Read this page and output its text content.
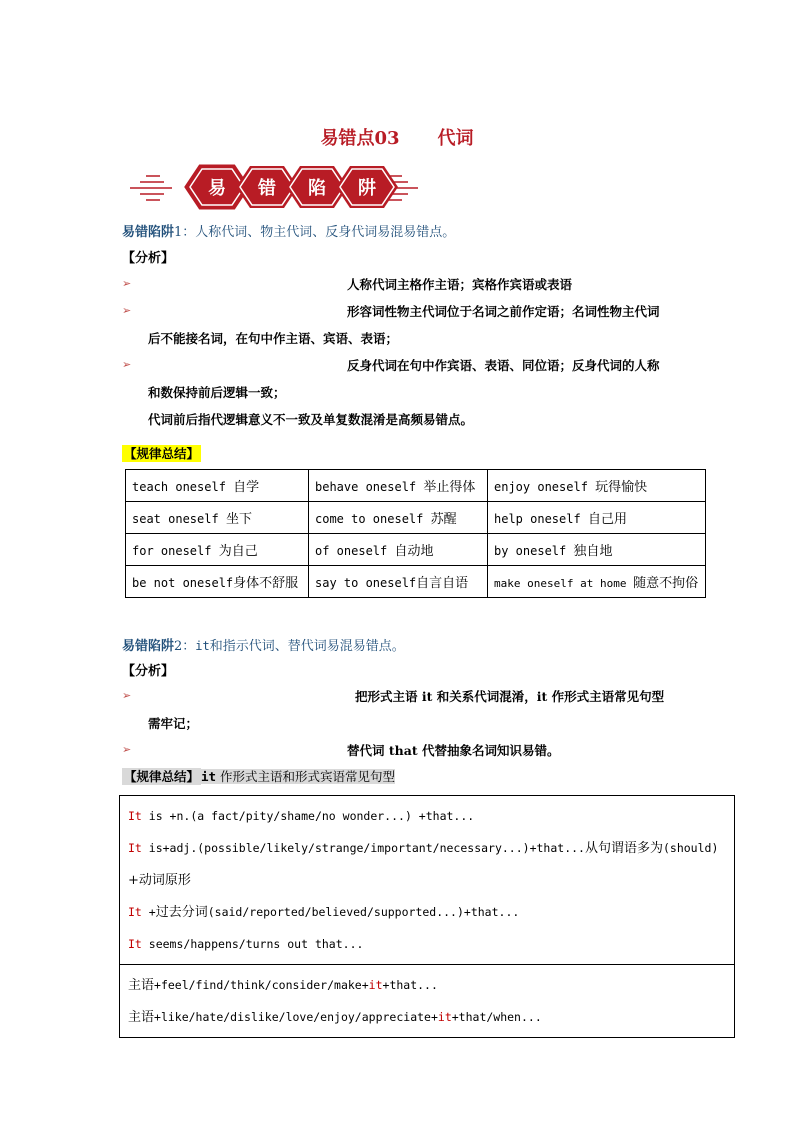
易错点03 代词
易 错 陷 阱
易错陷阱1：人称代词、物主代词、反身代词易混易错点。
【分析】
➢	人称代词主格作主语；宾格作宾语或表语
➢	形容词性物主代词位于名词之前作定语；名词性物主代词
后不能接名词，在句中作主语、宾语、表语；
➢	反身代词在句中作宾语、表语、同位语；反身代词的人称
和数保持前后逻辑一致；
代词前后指代逻辑意义不一致及单复数混淆是高频易错点。
【规律总结】
teach oneself 自学	behave oneself 举止得体	enjoy oneself 玩得愉快
seat oneself 坐下	come to oneself 苏醒	help oneself 自己用
for oneself 为自己	of oneself 自动地	by oneself 独自地
be not oneself身体不舒服	say to oneself自言自语	make oneself at home 随意不拘俗
易错陷阱2：it和指示代词、替代词易混易错点。
【分析】
➢	把形式主语 it 和关系代词混淆，it 作形式主语常见句型
需牢记；
➢	替代词 that 代替抽象名词知识易错。
【规律总结】 it 作形式主语和形式宾语常见句型
It is +n.(a fact/pity/shame/no wonder...) +that...
It is+adj.(possible/likely/strange/important/necessary...)+that...从句谓语多为(should)
+动词原形
It +过去分词(said/reported/believed/supported...)+that...
It seems/happens/turns out that...
主语+feel/find/think/consider/make+it+that...
主语+like/hate/dislike/love/enjoy/appreciate+it+that/when...
